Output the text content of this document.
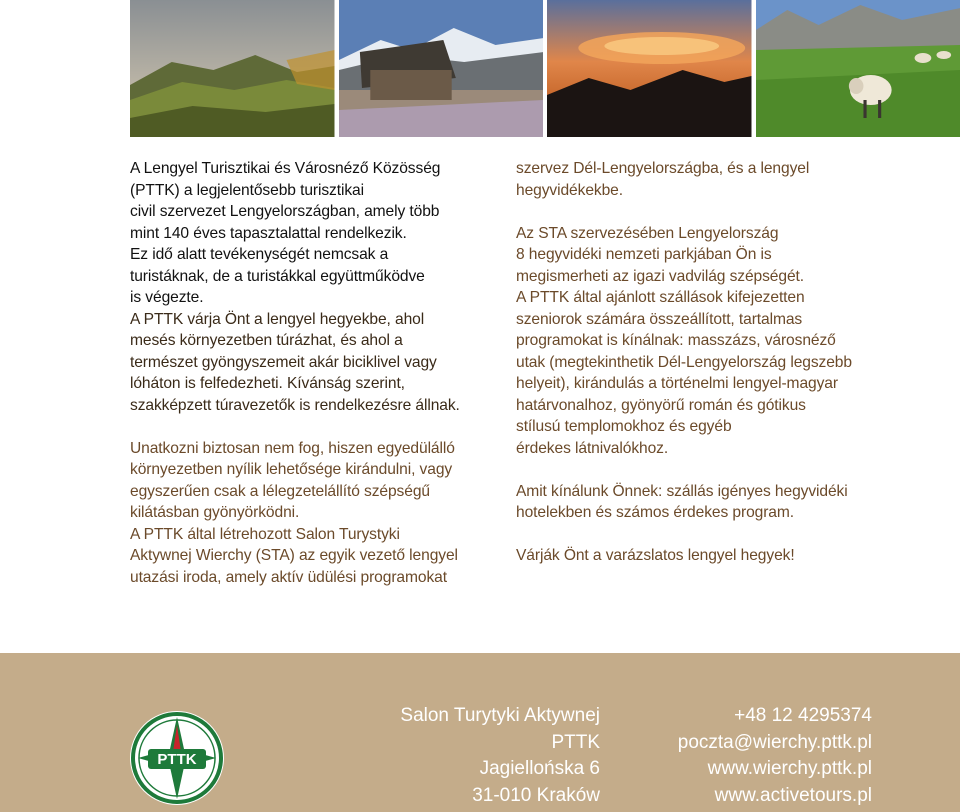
A Lengyel Turisztikai és Városnéző Közösség
(PTTK) a legjelentősebb turisztikai
civil szervezet Lengyelországban, amely több
mint 140 éves tapasztalattal rendelkezik.
Ez idő alatt tevékenységét nemcsak a
turistáknak, de a turistákkal együttműködve
is végezte.

A PTTK várja Önt a lengyel hegyekbe, ahol
mesés környezetben túrázhat, és ahol a
természet gyöngyszemeit akár biciklivel vagy
lóháton is felfedezheti. Kívánság szerint,
szakképzett túravezetők is rendelkezésre állnak.

Unatkozni biztosan nem fog, hiszen egyedülálló
környezetben nyílik lehetősége kirándulni, vagy
egyszerűen csak a lélegzetelállító szépségű
kilátásban gyönyörködni.

A PTTK által létrehozott Salon Turystyki
Aktywnej Wierchy (STA) az egyik vezető lengyel
utazási iroda, amely aktív üdülési programokat

szervez Dél-Lengyelországba, és a lengyel
hegyvidékekbe.

Az STA szervezésében Lengyelország
8 hegyvidéki nemzeti parkjában Ön is
megismerheti az igazi vadvilág szépségét.

A PTTK által ajánlott szállások kifejezetten
szeniorok számára összeállított, tartalmas
programokat is kínálnak: masszázs, városnéző
utak (megtekinthetik Dél-Lengyelország legszebb
helyeit), kirándulás a történelmi lengyel-magyar
határvonalhoz, gyönyörű román és gótikus
stílusú templomokhoz és egyéb
érdekes látnivalókhoz.

Amit kínálunk Önnek: szállás igényes hegyvidéki
hotelekben és számos érdekes program.

Várják Önt a varázslatos lengyel hegyek!

PTTK
Salon Turytyki Aktywnej
PTTK
Jagiellońska 6
31-010 Kraków
+48 12 4295374
poczta@wierchy.pttk.pl
www.wierchy.pttk.pl
www.activetours.pl
